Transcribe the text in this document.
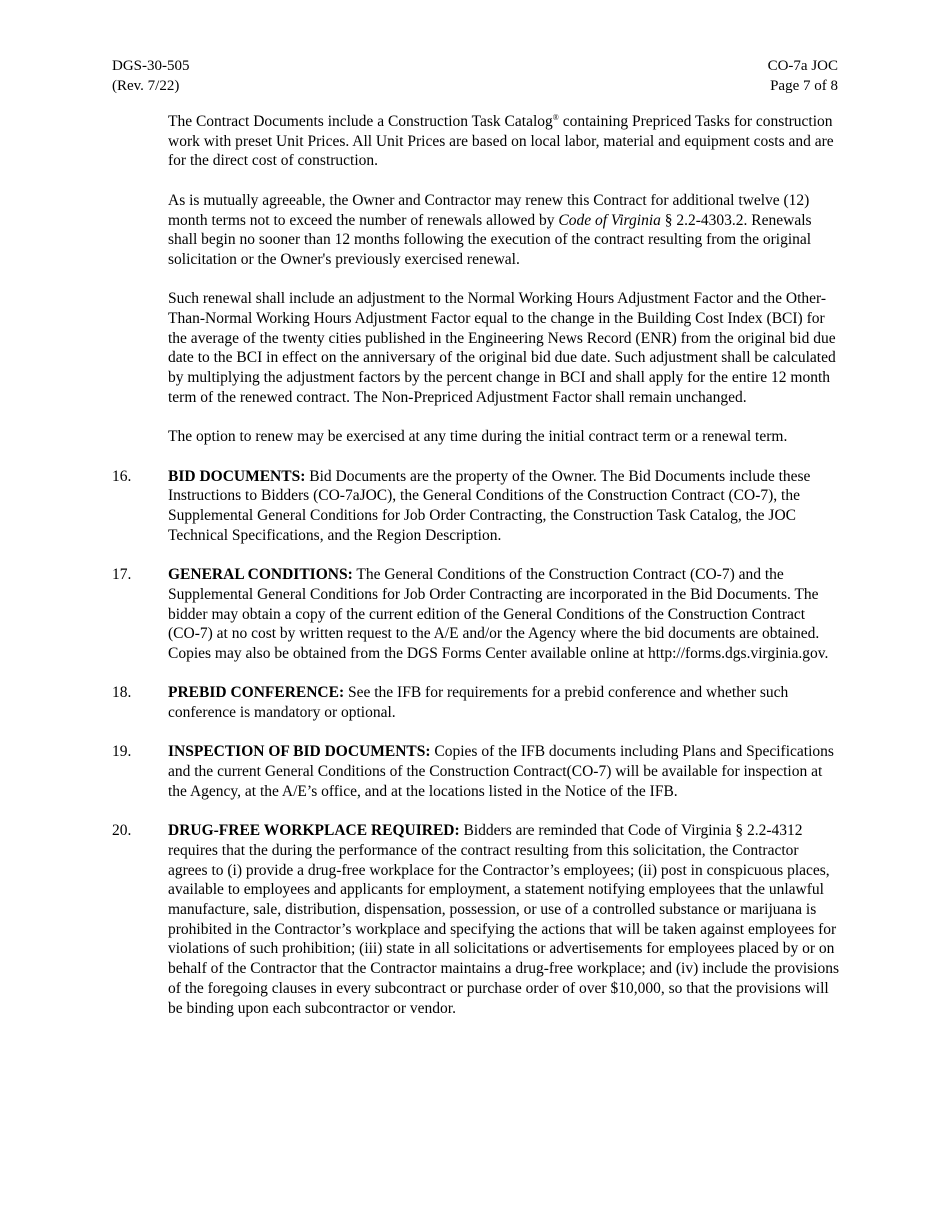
DGS-30-505
(Rev. 7/22)
CO-7a JOC
Page 7 of 8

The Contract Documents include a Construction Task Catalog® containing Prepriced Tasks for construction work with preset Unit Prices. All Unit Prices are based on local labor, material and equipment costs and are for the direct cost of construction.

As is mutually agreeable, the Owner and Contractor may renew this Contract for additional twelve (12) month terms not to exceed the number of renewals allowed by Code of Virginia § 2.2-4303.2. Renewals shall begin no sooner than 12 months following the execution of the contract resulting from the original solicitation or the Owner's previously exercised renewal.

Such renewal shall include an adjustment to the Normal Working Hours Adjustment Factor and the Other-Than-Normal Working Hours Adjustment Factor equal to the change in the Building Cost Index (BCI) for the average of the twenty cities published in the Engineering News Record (ENR) from the original bid due date to the BCI in effect on the anniversary of the original bid due date. Such adjustment shall be calculated by multiplying the adjustment factors by the percent change in BCI and shall apply for the entire 12 month term of the renewed contract. The Non-Prepriced Adjustment Factor shall remain unchanged.

The option to renew may be exercised at any time during the initial contract term or a renewal term.

16.	BID DOCUMENTS: Bid Documents are the property of the Owner. The Bid Documents include these Instructions to Bidders (CO-7aJOC), the General Conditions of the Construction Contract (CO-7), the Supplemental General Conditions for Job Order Contracting, the Construction Task Catalog, the JOC Technical Specifications, and the Region Description.
17.	GENERAL CONDITIONS: The General Conditions of the Construction Contract (CO-7) and the Supplemental General Conditions for Job Order Contracting are incorporated in the Bid Documents. The bidder may obtain a copy of the current edition of the General Conditions of the Construction Contract (CO-7) at no cost by written request to the A/E and/or the Agency where the bid documents are obtained. Copies may also be obtained from the DGS Forms Center available online at http://forms.dgs.virginia.gov.
18.	PREBID CONFERENCE: See the IFB for requirements for a prebid conference and whether such conference is mandatory or optional.
19.	INSPECTION OF BID DOCUMENTS: Copies of the IFB documents including Plans and Specifications and the current General Conditions of the Construction Contract(CO-7) will be available for inspection at the Agency, at the A/E’s office, and at the locations listed in the Notice of the IFB.
20.	DRUG-FREE WORKPLACE REQUIRED: Bidders are reminded that Code of Virginia § 2.2-4312 requires that the during the performance of the contract resulting from this solicitation, the Contractor agrees to (i) provide a drug-free workplace for the Contractor’s employees; (ii) post in conspicuous places, available to employees and applicants for employment, a statement notifying employees that the unlawful manufacture, sale, distribution, dispensation, possession, or use of a controlled substance or marijuana is prohibited in the Contractor’s workplace and specifying the actions that will be taken against employees for violations of such prohibition; (iii) state in all solicitations or advertisements for employees placed by or on behalf of the Contractor that the Contractor maintains a drug-free workplace; and (iv) include the provisions of the foregoing clauses in every subcontract or purchase order of over $10,000, so that the provisions will be binding upon each subcontractor or vendor.
